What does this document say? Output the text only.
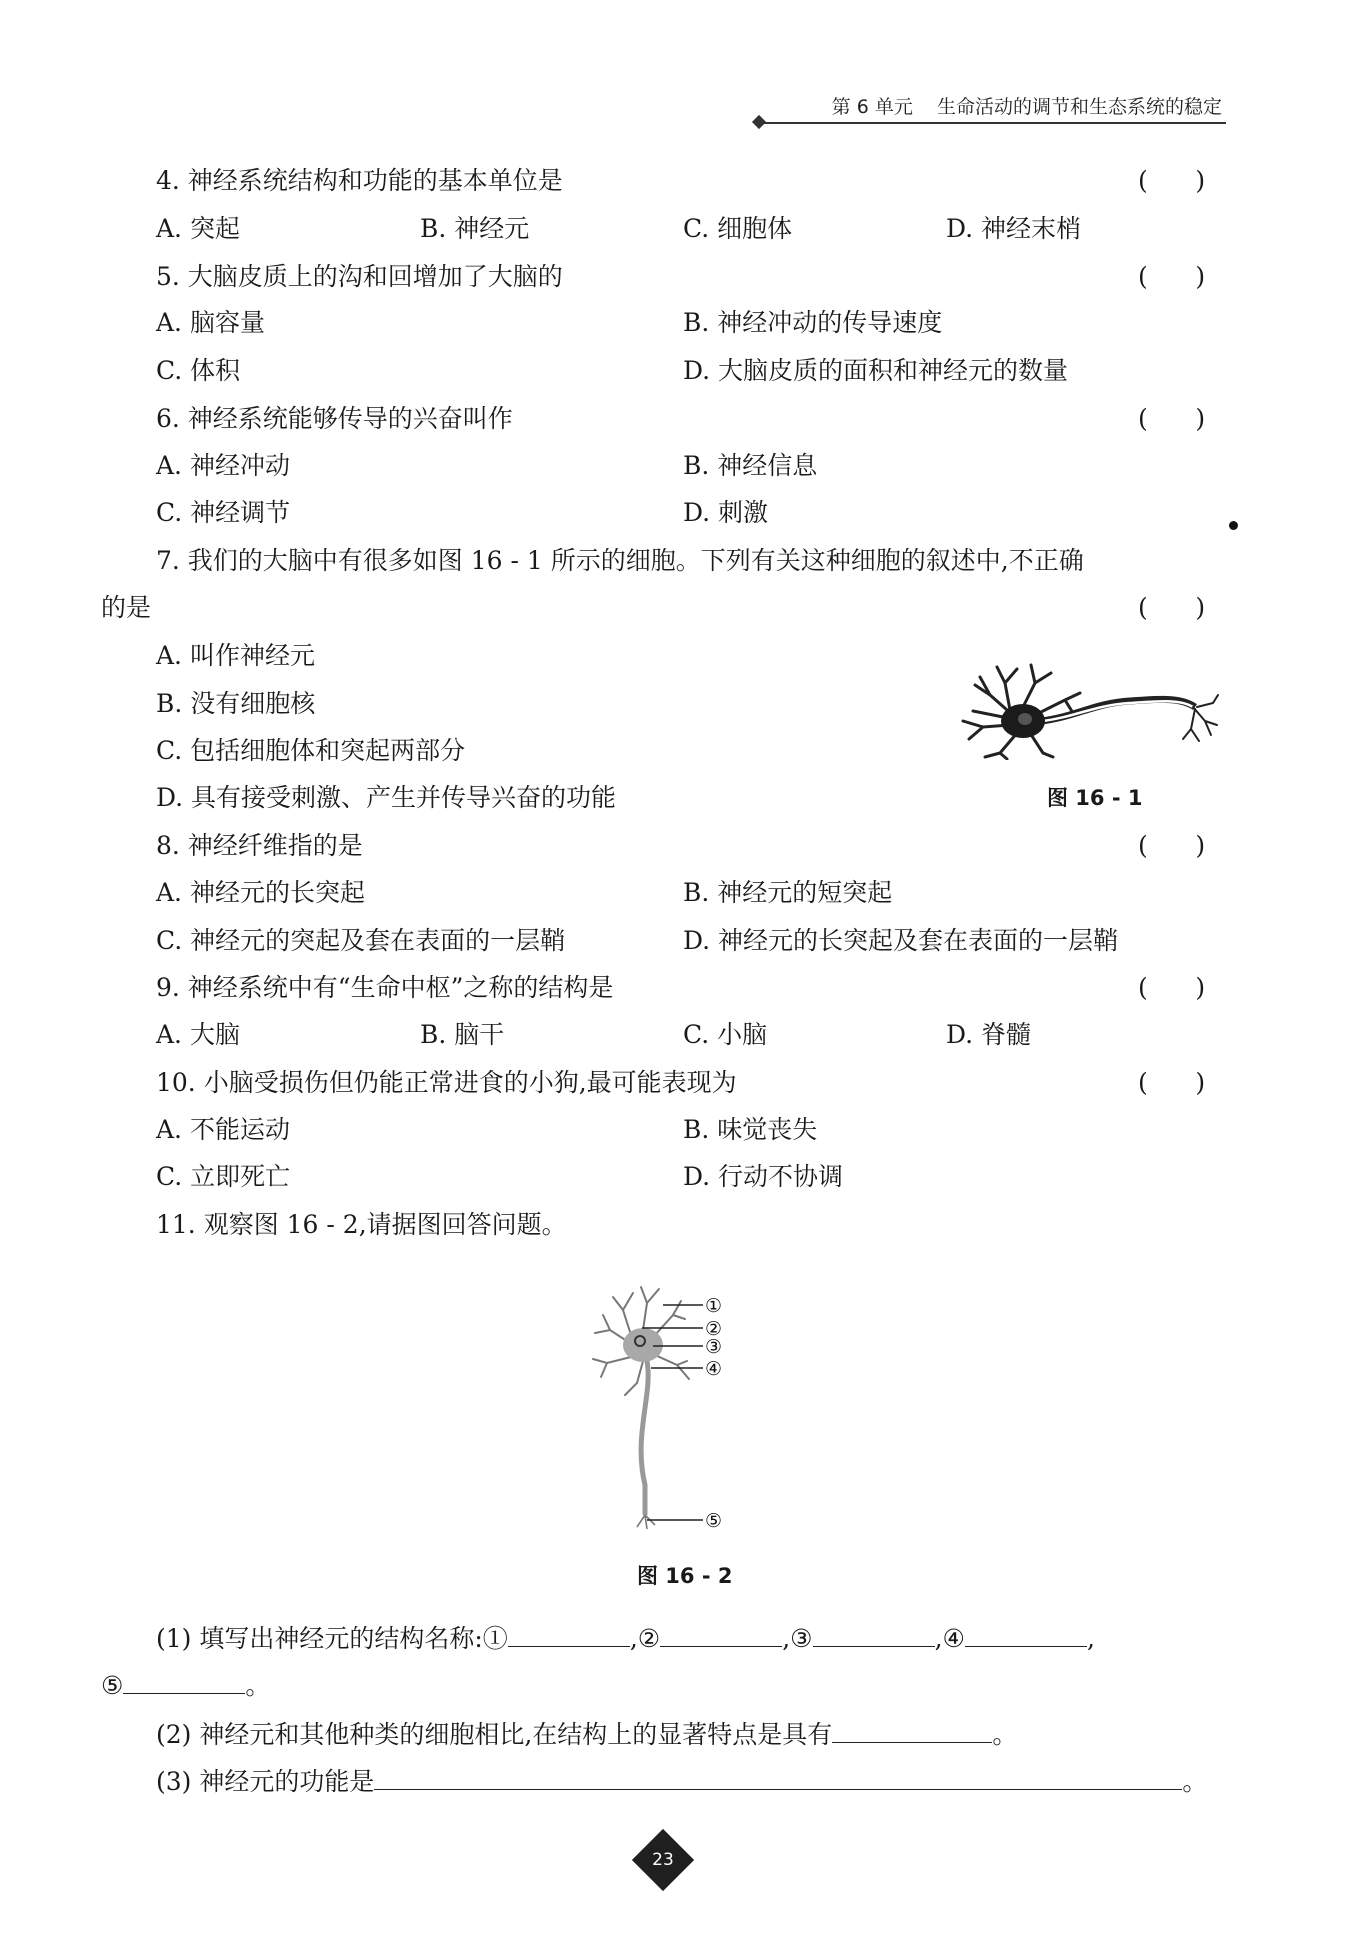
第 6 单元    生命活动的调节和生态系统的稳定
4. 神经系统结构和功能的基本单位是	(      )
A. 突起	B. 神经元	C. 细胞体	D. 神经末梢
5. 大脑皮质上的沟和回增加了大脑的	(      )
A. 脑容量	B. 神经冲动的传导速度
C. 体积	D. 大脑皮质的面积和神经元的数量
6. 神经系统能够传导的兴奋叫作	(      )
A. 神经冲动	B. 神经信息
C. 神经调节	D. 刺激
7. 我们的大脑中有很多如图 16 - 1 所示的细胞。下列有关这种细胞的叙述中,不正确
的是	(      )
A. 叫作神经元
B. 没有细胞核
C. 包括细胞体和突起两部分
D. 具有接受刺激、产生并传导兴奋的功能	图 16 - 1
8. 神经纤维指的是	(      )
A. 神经元的长突起	B. 神经元的短突起
C. 神经元的突起及套在表面的一层鞘	D. 神经元的长突起及套在表面的一层鞘
9. 神经系统中有“生命中枢”之称的结构是	(      )
A. 大脑	B. 脑干	C. 小脑	D. 脊髓
10. 小脑受损伤但仍能正常进食的小狗,最可能表现为	(      )
A. 不能运动	B. 味觉丧失
C. 立即死亡	D. 行动不协调
11. 观察图 16 - 2,请据图回答问题。
①
②
③
④
⑤
图 16 - 2
(1) 填写出神经元的结构名称:①	,②	,③	,④	,
⑤	。
(2) 神经元和其他种类的细胞相比,在结构上的显著特点是具有	。
(3) 神经元的功能是	。
23
